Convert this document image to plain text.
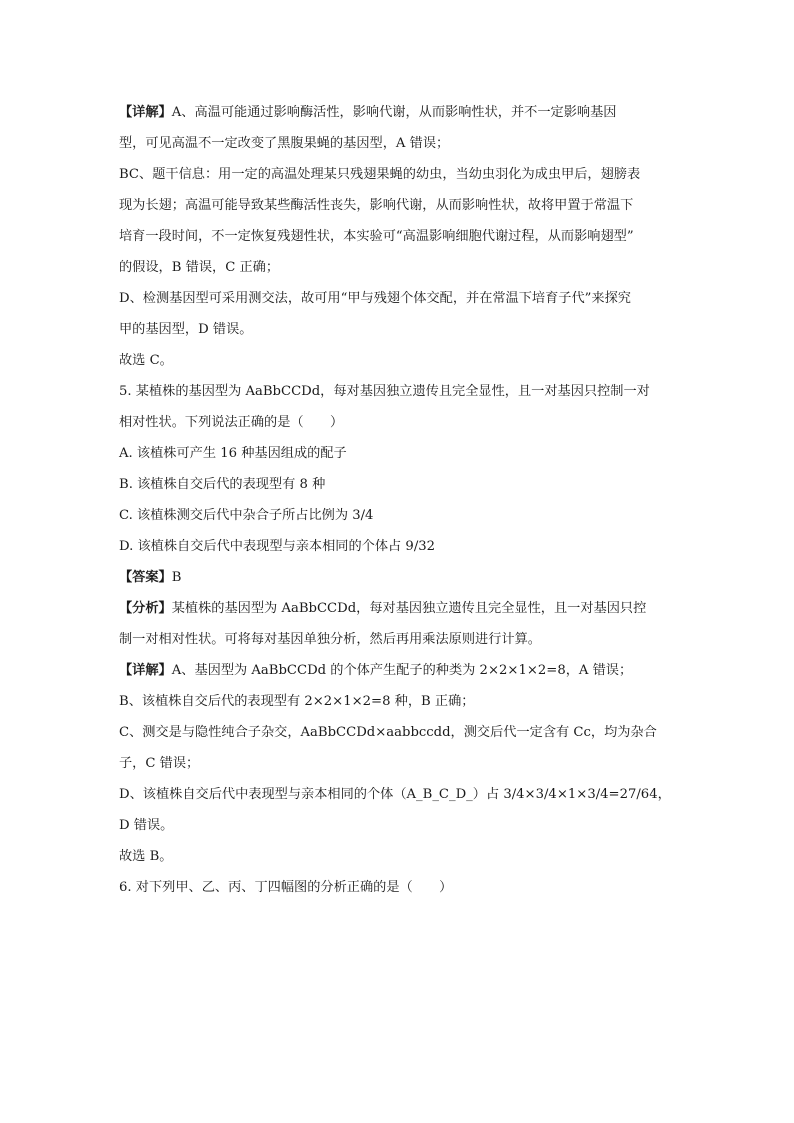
【详解】A、高温可能通过影响酶活性，影响代谢，从而影响性状，并不一定影响基因
型，可见高温不一定改变了黑腹果蝇的基因型，A 错误；
BC、题干信息：用一定的高温处理某只残翅果蝇的幼虫，当幼虫羽化为成虫甲后，翅膀表
现为长翅；高温可能导致某些酶活性丧失，影响代谢，从而影响性状，故将甲置于常温下
培育一段时间，不一定恢复残翅性状，本实验可“高温影响细胞代谢过程，从而影响翅型”
的假设，B 错误，C 正确；
D、检测基因型可采用测交法，故可用“甲与残翅个体交配，并在常温下培育子代”来探究
甲的基因型，D 错误。
故选 C。
5. 某植株的基因型为 AaBbCCDd，每对基因独立遗传且完全显性，且一对基因只控制一对
相对性状。下列说法正确的是（　　）
A. 该植株可产生 16 种基因组成的配子
B. 该植株自交后代的表现型有 8 种
C. 该植株测交后代中杂合子所占比例为 3/4
D. 该植株自交后代中表现型与亲本相同的个体占 9/32
【答案】B
【分析】某植株的基因型为 AaBbCCDd，每对基因独立遗传且完全显性，且一对基因只控
制一对相对性状。可将每对基因单独分析，然后再用乘法原则进行计算。
【详解】A、基因型为 AaBbCCDd 的个体产生配子的种类为 2×2×1×2=8，A 错误；
B、该植株自交后代的表现型有 2×2×1×2=8 种，B 正确；
C、测交是与隐性纯合子杂交，AaBbCCDd×aabbccdd，测交后代一定含有 Cc，均为杂合
子，C 错误；
D、该植株自交后代中表现型与亲本相同的个体（A_B_C_D_）占 3/4×3/4×1×3/4=27/64，
D 错误。
故选 B。
6. 对下列甲、乙、丙、丁四幅图的分析正确的是（　　）
